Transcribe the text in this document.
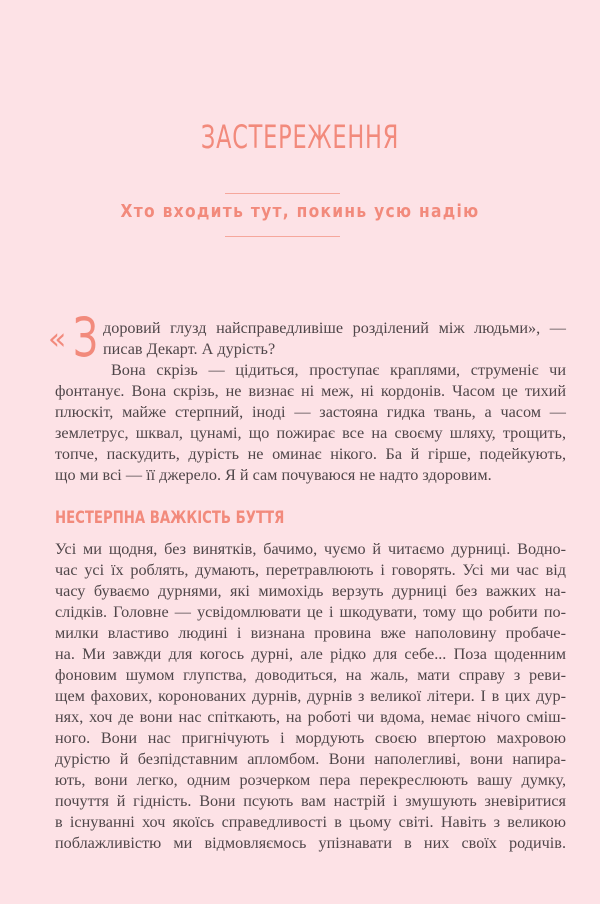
ЗАСТЕРЕЖЕННЯ
Хто входить тут, покинь усю надію
« З доровий глузд найсправедливіше розділений між людьми», —
писав Декарт. А дурість?
Вона скрізь — цідиться, проступає краплями, струменіє чи
фонтанує. Вона скрізь, не визнає ні меж, ні кордонів. Часом це тихий
плюскіт, майже стерпний, іноді — застояна гидка твань, а часом —
землетрус, шквал, цунамі, що пожирає все на своєму шляху, трощить,
топче, паскудить, дурість не оминає нікого. Ба й гірше, подейкують,
що ми всі — її джерело. Я й сам почуваюся не надто здоровим.
НЕСТЕРПНА ВАЖКІСТЬ БУТТЯ
Усі ми щодня, без винятків, бачимо, чуємо й читаємо дурниці. Водно-
час усі їх роблять, думають, перетравлюють і говорять. Усі ми час від
часу буваємо дурнями, які мимохідь верзуть дурниці без важких на-
слідків. Головне — усвідомлювати це і шкодувати, тому що робити по-
милки властиво людині і визнана провина вже наполовину пробаче-
на. Ми завжди для когось дурні, але рідко для себе... Поза щоденним
фоновим шумом глупства, доводиться, на жаль, мати справу з реви-
щем фахових, коронованих дурнів, дурнів з великої літери. І в цих дур-
нях, хоч де вони нас спіткають, на роботі чи вдома, немає нічого сміш-
ного. Вони нас пригнічують і мордують своєю впертою махровою
дурістю й безпідставним апломбом. Вони наполегливі, вони напира-
ють, вони легко, одним розчерком пера перекреслюють вашу думку,
почуття й гідність. Вони псують вам настрій і змушують зневіритися
в існуванні хоч якоїсь справедливості в цьому світі. Навіть з великою
поблажливістю ми відмовляємось упізнавати в них своїх родичів.
